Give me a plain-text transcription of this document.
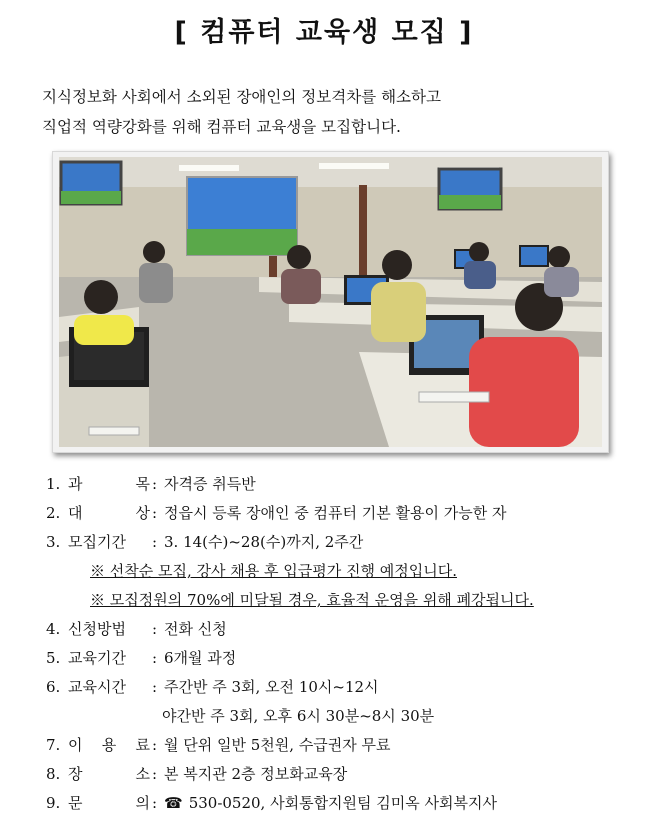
[ 컴퓨터 교육생 모집 ]
지식정보화 사회에서 소외된 장애인의 정보격차를 해소하고
직업적 역량강화를 위해 컴퓨터 교육생을 모집합니다.
1. 과	목 : 자격증 취득반
2. 대	상 : 정읍시 등록 장애인 중 컴퓨터 기본 활용이 가능한 자
3. 모집기간	: 3. 14(수)~28(수)까지, 2주간
※ 선착순 모집, 강사 채용 후 입급평가 진행 예정입니다.
※ 모집정원의 70%에 미달될 경우, 효율적 운영을 위해 폐강됩니다.
4. 신청방법	: 전화 신청
5. 교육기간	: 6개월 과정
6. 교육시간	: 주간반 주 3회, 오전 10시~12시
야간반 주 3회, 오후 6시 30분~8시 30분
7. 이 용 료 : 월 단위 일반 5천원, 수급권자 무료
8. 장	소 : 본 복지관 2층 정보화교육장
9. 문	의 : ☎ 530-0520, 사회통합지원팀 김미옥 사회복지사
